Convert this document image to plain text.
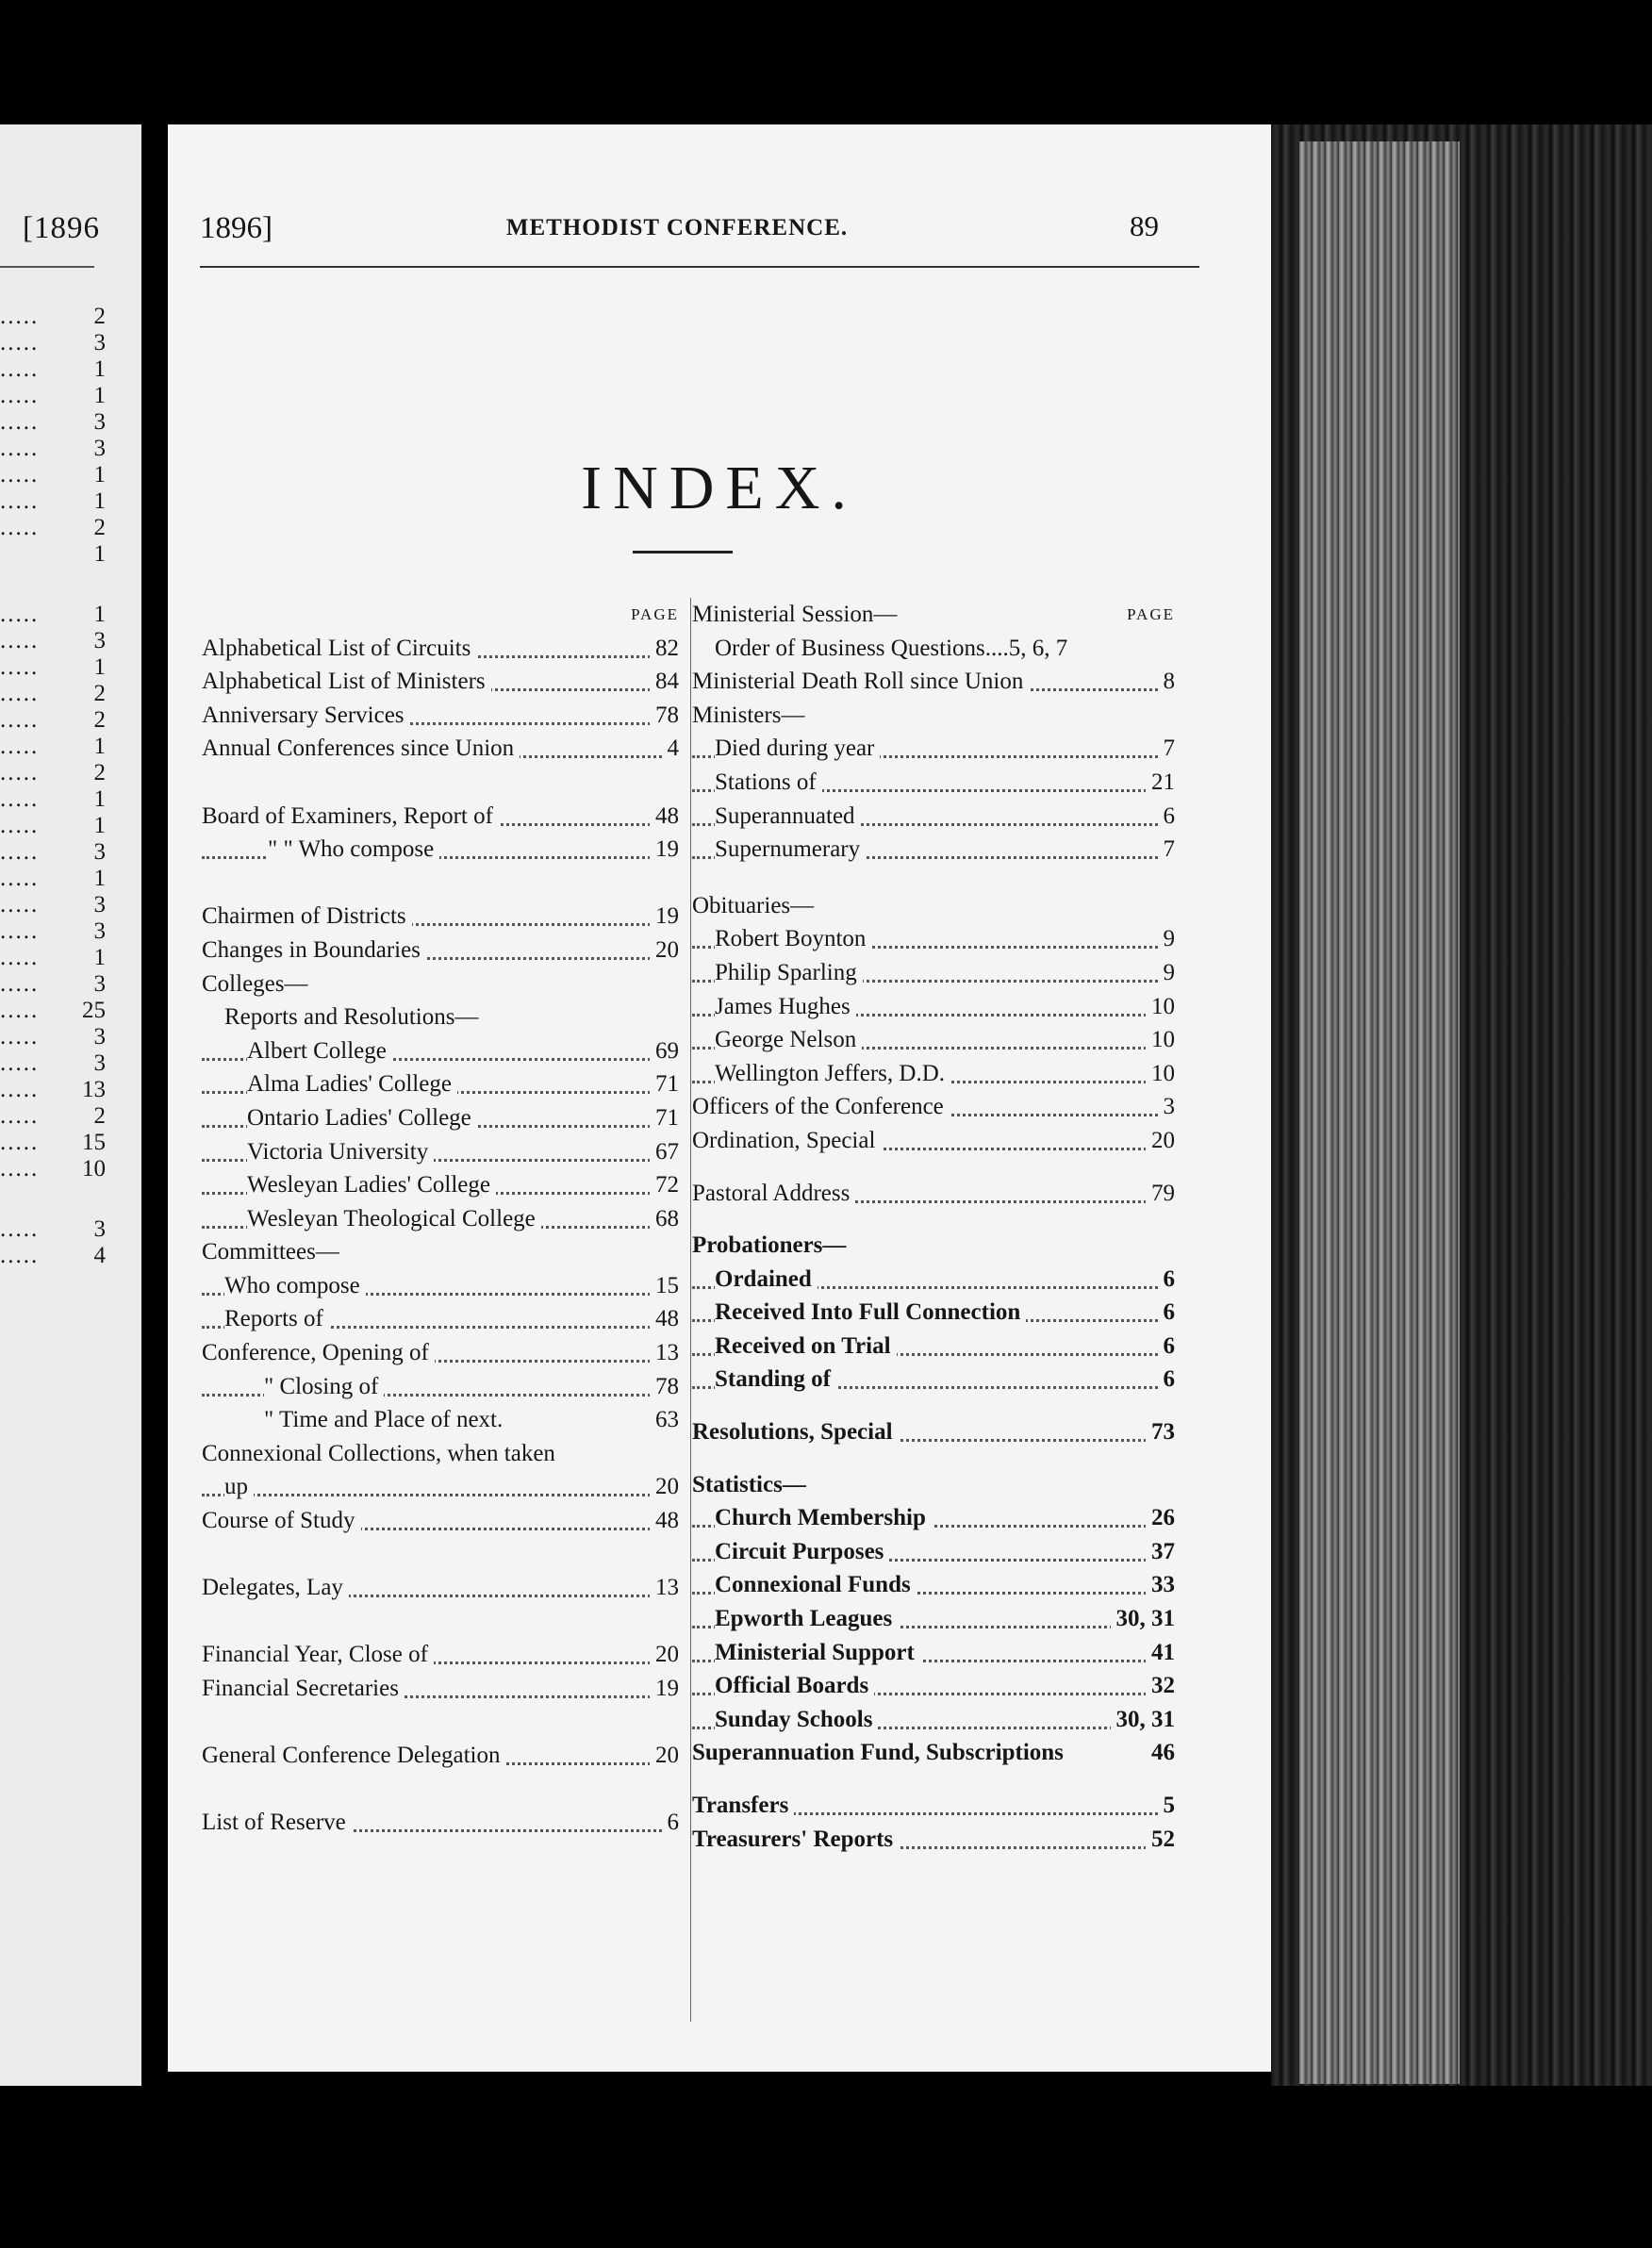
[1896
..... 2
..... 3
..... 1
..... 1
..... 3
..... 3
..... 1
..... 1
..... 2
1
..... 1
..... 3
..... 1
..... 2
..... 2
..... 1
..... 2
..... 1
..... 1
..... 3
..... 1
..... 3
..... 3
..... 1
..... 3
..... 25
..... 3
..... 3
..... 13
..... 2
..... 15
..... 10
..... 3
..... 4
1896]	METHODIST CONFERENCE.	89
INDEX.
PAGE
Alphabetical List of Circuits	82
Alphabetical List of Ministers	84
Anniversary Services	78
Annual Conferences since Union	4
Board of Examiners, Report of	48
" " Who compose	19
Chairmen of Districts	19
Changes in Boundaries	20
Colleges—
Reports and Resolutions—
Albert College	69
Alma Ladies' College	71
Ontario Ladies' College	71
Victoria University	67
Wesleyan Ladies' College	72
Wesleyan Theological College	68
Committees—
Who compose	15
Reports of	48
Conference, Opening of	13
" Closing of	78
" Time and Place of next.	63
Connexional Collections, when taken
up	20
Course of Study	48
Delegates, Lay	13
Financial Year, Close of	20
Financial Secretaries	19
General Conference Delegation	20
List of Reserve	6
Ministerial Session—	PAGE
Order of Business Questions....5, 6, 7
Ministerial Death Roll since Union	8
Ministers—
Died during year	7
Stations of	21
Superannuated	6
Supernumerary	7
Obituaries—
Robert Boynton	9
Philip Sparling	9
James Hughes	10
George Nelson	10
Wellington Jeffers, D.D.	10
Officers of the Conference	3
Ordination, Special	20
Pastoral Address	79
Probationers—
Ordained	6
Received Into Full Connection	6
Received on Trial	6
Standing of	6
Resolutions, Special	73
Statistics—
Church Membership	26
Circuit Purposes	37
Connexional Funds	33
Epworth Leagues	30, 31
Ministerial Support	41
Official Boards	32
Sunday Schools	30, 31
Superannuation Fund, Subscriptions	46
Transfers	5
Treasurers' Reports	52
